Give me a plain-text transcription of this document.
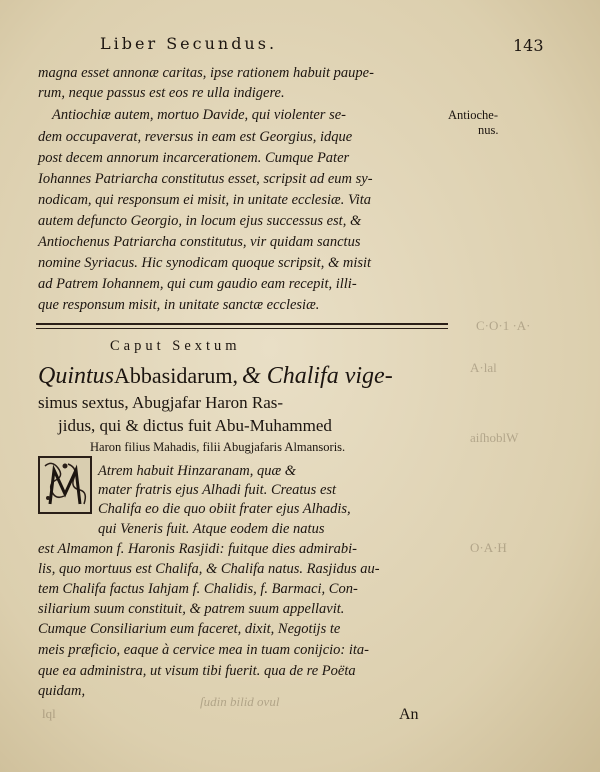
C·O·1 ·A·
A·lal
aiſhoblW
O·A·H
lql
ſudin bilid ovul
Liber Secundus.	143
magna esset annonæ caritas, ipse rationem habuit paupe-
rum, neque passus est eos re ulla indigere.
Antiochiæ autem, mortuo Davide, qui violenter se-
dem occupaverat, reversus in eam est Georgius, idque
post decem annorum incarcerationem. Cumque Pater
Iohannes Patriarcha constitutus esset, scripsit ad eum sy-
nodicam, qui responsum ei misit, in unitate ecclesiæ. Vita
autem defuncto Georgio, in locum ejus successus est, &
Antiochenus Patriarcha constitutus, vir quidam sanctus
nomine Syriacus. Hic synodicam quoque scripsit, & misit
ad Patrem Iohannem, qui cum gaudio eam recepit, illi-
que responsum misit, in unitate sanctæ ecclesiæ.
Antioche-
nus.
Caput Sextum
QuintusAbbasidarum, & Chalifa vige-
simus sextus, Abugjafar Haron Ras-
jidus, qui & dictus fuit Abu-Muhammed
Haron filius Mahadis, filii Abugjafaris Almansoris.
Atrem habuit Hinzaranam, quæ &
mater fratris ejus Alhadi fuit. Creatus est
Chalifa eo die quo obiit frater ejus Alhadis,
qui Veneris fuit. Atque eodem die natus
est Almamon f. Haronis Rasjidi: fuitque dies admirabi-
lis, quo mortuus est Chalifa, & Chalifa natus. Rasjidus au-
tem Chalifa factus Iahjam f. Chalidis, f. Barmaci, Con-
siliarium suum constituit, & patrem suum appellavit.
Cumque Consiliarium eum faceret, dixit, Negotijs te
meis præficio, eaque à cervice mea in tuam conijcio: ita-
que ea administra, ut visum tibi fuerit. qua de re Poëta
quidam,
An
